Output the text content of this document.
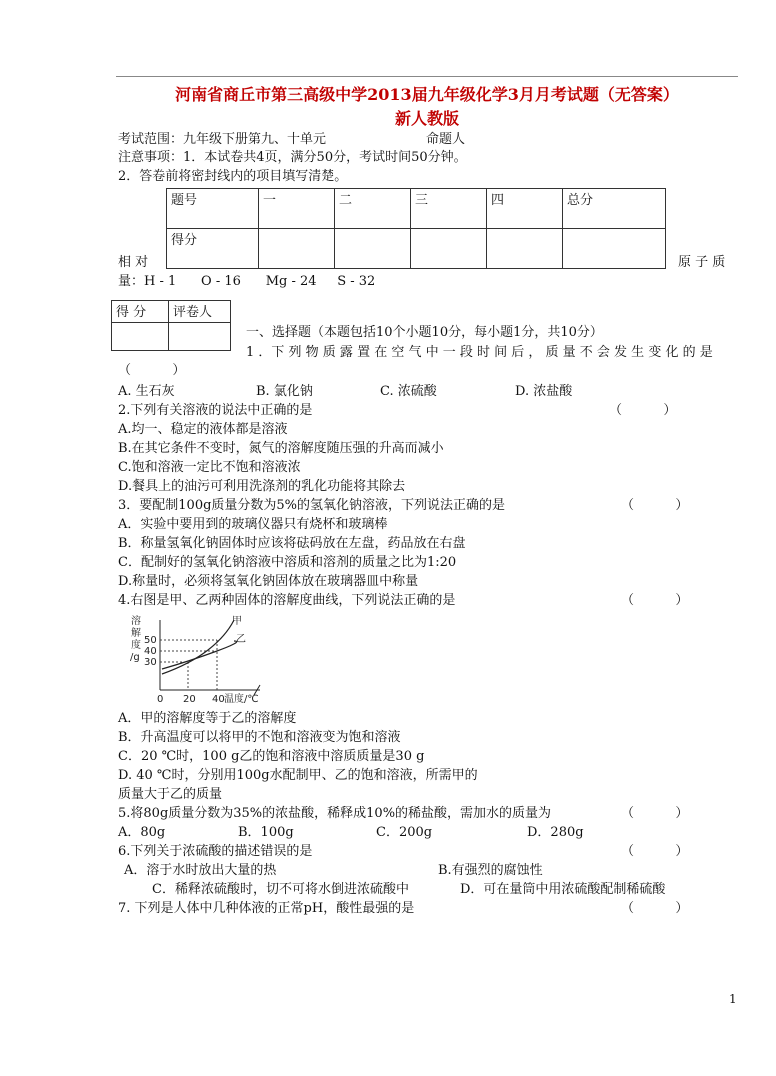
河南省商丘市第三高级中学2013届九年级化学3月月考试题（无答案）
新人教版
考试范围：九年级下册第九、十单元	命题人
注意事项：1．本试卷共4页，满分50分，考试时间50分钟。
2．答卷前将密封线内的项目填写清楚。
题号	一	二	三	四	总分
得分					
相 对	原 子 质
量：H - 1      O - 16      Mg - 24     S - 32
得 分	评卷人

一、选择题（本题包括10个小题10分，每小题1分，共10分）
1 ．下 列 物 质 露 置 在 空 气 中 一 段 时 间 后 ， 质 量 不 会 发 生 变 化 的 是
（          ）
A. 生石灰	B. 氯化钠	C. 浓硫酸	D. 浓盐酸
2.下列有关溶液的说法中正确的是	（          ）
A.均一、稳定的液体都是溶液
B.在其它条件不变时，氮气的溶解度随压强的升高而减小
C.饱和溶液一定比不饱和溶液浓
D.餐具上的油污可利用洗涤剂的乳化功能将其除去
3．要配制100g质量分数为5%的氢氧化钠溶液，下列说法正确的是	（          ）
A．实验中要用到的玻璃仪器只有烧杯和玻璃棒
B．称量氢氧化钠固体时应该将砝码放在左盘，药品放在右盘
C．配制好的氢氧化钠溶液中溶质和溶剂的质量之比为1:20
D.称量时，必须将氢氧化钠固体放在玻璃器皿中称量
4.右图是甲、乙两种固体的溶解度曲线，下列说法正确的是	（          ）
溶
解
度
/g
50
40
30
甲
乙
0 20 40 温度/℃
A．甲的溶解度等于乙的溶解度
B．升高温度可以将甲的不饱和溶液变为饱和溶液
C．20 ℃时，100 g乙的饱和溶液中溶质质量是30 g
D. 40 ℃时，分别用100g水配制甲、乙的饱和溶液，所需甲的
质量大于乙的质量
5.将80g质量分数为35%的浓盐酸，稀释成10%的稀盐酸，需加水的质量为	（          ）
A．80g	B．100g	C．200g	D．280g
6.下列关于浓硫酸的描述错误的是	（          ）
A．溶于水时放出大量的热	B.有强烈的腐蚀性
C．稀释浓硫酸时，切不可将水倒进浓硫酸中	D．可在量筒中用浓硫酸配制稀硫酸
7. 下列是人体中几种体液的正常pH，酸性最强的是	（          ）
1
